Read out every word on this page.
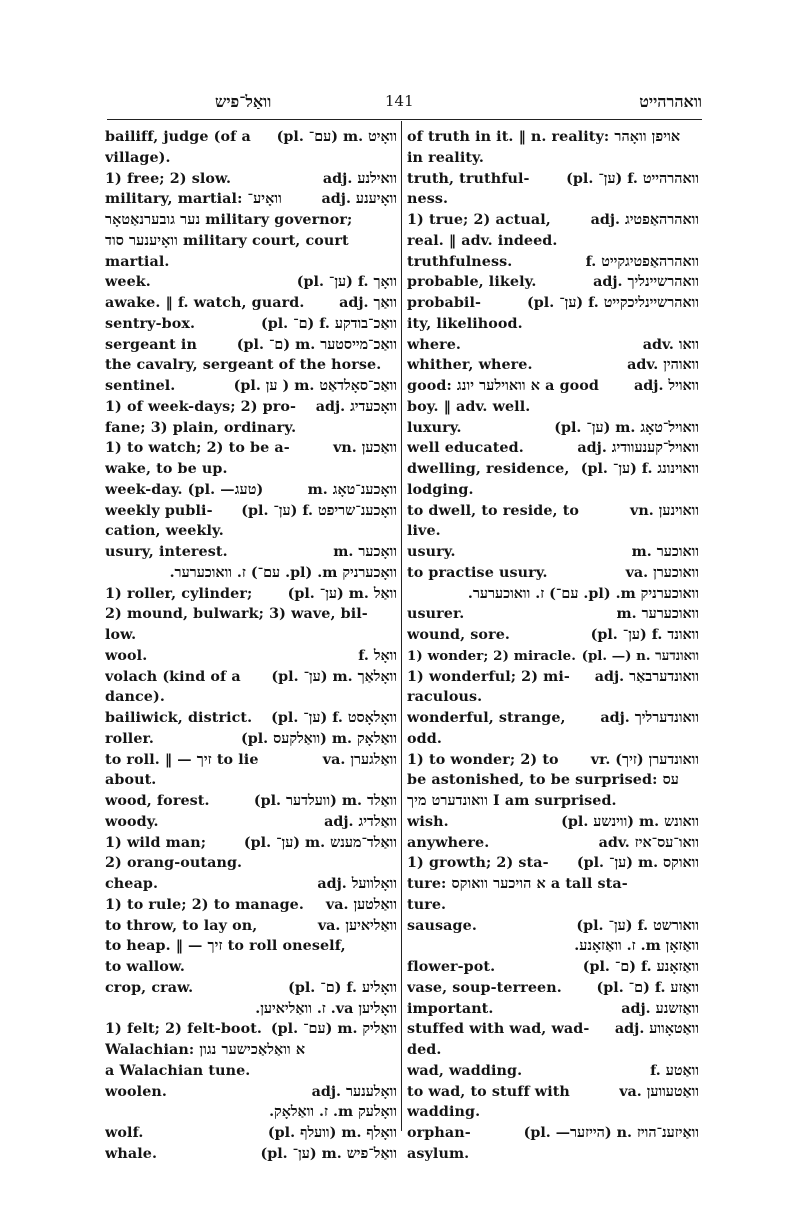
וואהרהייט
וואַל־פיש	141
bailiff, judge (of a (pl. עם־) m. וואָיט
village).
1) free; 2) slow.	adj. וואילנע
military, martial: וואָיע־	adj. וואָיענע
נער גובערנאַטאָר military governor;
וואָיענער סוד military court, court
martial.
week.	(pl. ען־) f. וואָך
awake. ‖ f. watch, guard. adj. וואַך
sentry-box.	(pl. ם־) f. וואַכ־בודקע
sergeant in	(pl. ם־) m. וואַכ־מייסטער
the cavalry, sergeant of the horse.
sentinel.	(pl. ען ) m. וואַכ־סאָלדאַט
1) of week-days; 2) pro- adj. וואָכעדיג
fane; 3) plain, ordinary.
1) to watch; 2) to be a-	vn. וואַכען
wake, to be up.
week-day. (pl. —טעג)	m. וואָכענ־טאָג
weekly publi- (pl. ען־) f. וואָכענ־שריפט
cation, weekly.
usury, interest.	m. וואָכער
וואָכערניק m. (pl. עם־) ז. וואוכערער.
1) roller, cylinder; (pl. ען־) m. וואַל
2) mound, bulwark; 3) wave, bil-
low.
wool.	f. וואָל
volach (kind of a (pl. ען־) m. וואָלאַך
dance).
bailiwick, district. (pl. ען־) f. וואָלאָסט
roller.	(pl. וואַלקעס) m. וואַלאָק
to roll. ‖ — זיך to lie	va. וואַלגערן
about.
wood, forest.	(pl. וועלדער) m. וואַלד
woody.	adj. וואַלדיג
1) wild man;	(pl. ען־) m. וואַלד־מענש
2) orang-outang.
cheap.	adj. וואָלוועל
1) to rule; 2) to manage. va. וואַלטען
to throw, to lay on,	va. וואַליאיען
to heap. ‖ — זיך to roll oneself,
to wallow.
crop, craw.	(pl. ם־) f. וואָליע
וואָליען va. ז. וואַליאיען.
1) felt; 2) felt-boot. (pl. עם־) m. וואַליק
Walachian: א וואַלאַכישער נגון
a Walachian tune.
woolen.	adj. וואָלענער
וואָלעק m. ז. וואַלאָק.
wolf.	(pl. וועלף) m. וואָלף
whale.	(pl. ען־) m. וואַל־פיש
of truth in it. ‖ n. reality: אויפן וואָהר
in reality.
truth, truthful-	(pl. ען־) f. וואהרהייט
ness.
1) true; 2) actual,	adj. וואהרהאַפטיג
real. ‖ adv. indeed.
truthfulness.	f. וואהרהאַפטיגקייט
probable, likely.	adj. וואהרשיינליך
probabil-	(pl. ען־) f. וואהרשיינליכקייט
ity, likelihood.
where.	adv. וואו
whither, where.	adv. וואוהין
good: א וואוילער יונג a good adj. וואויל
boy. ‖ adv. well.
luxury.	(pl. ען־) m. וואויל־טאָג
well educated.	adj. וואויל־קענעוודיג
dwelling, residence, (pl. ען־) f. וואוינונג
lodging.
to dwell, to reside, to	vn. וואוינען
live.
usury.	m. וואוכער
to practise usury.	va. וואוכערן
וואוכערניק m. (pl. עם־) ז. וואוכערער.
usurer.	m. וואוכערער
wound, sore.	(pl. ען־) f. וואונד
1) wonder; 2) miracle. (pl. —) n. וואונדער
1) wonderful; 2) mi- adj. וואונדערבאַר
raculous.
wonderful, strange, adj. וואונדערליך
odd.
1) to wonder; 2) to vr. (זיך) וואונדערן
be astonished, to be surprised: עס
וואונדערט מיך I am surprised.
wish.	(pl. ווינשע) m. וואונש
anywhere.	adv. וואו־עס־איז
1) growth; 2) sta- (pl. ען־) m. וואוקס
ture: א הויכער וואוקס a tall sta-
ture.
sausage.	(pl. ען־) f. וואורשט
וואַזאָן m. ז. וואַזאָנע.
flower-pot.	(pl. ם־) f. וואַזאָנע
vase, soup-terreen. (pl. ם־) f. וואַזע
important.	adj. וואַזשנע
stuffed with wad, wad- adj. וואַטאָווע
ded.
wad, wadding.	f. וואַטע
to wad, to stuff with	va. וואַטעווען
wadding.
orphan-	(pl. —הייזער) n. וואַיזענ־הויז
asylum.
